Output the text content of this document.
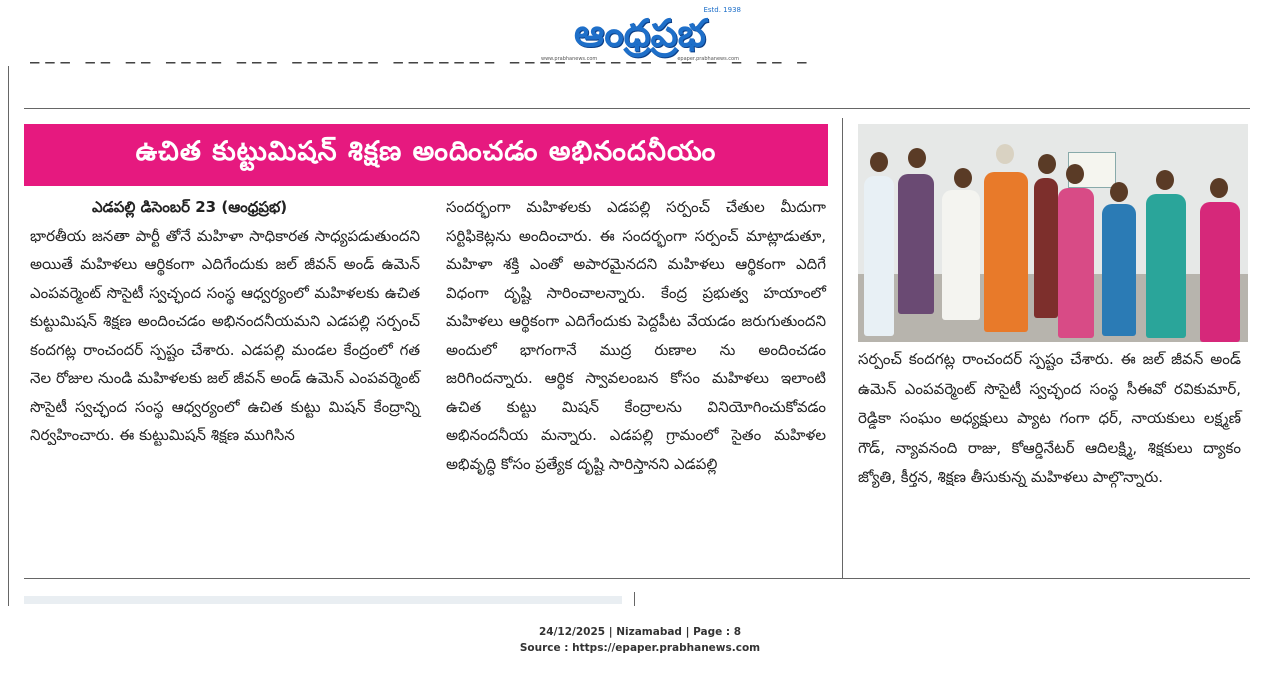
ఆంధ్రప్రభ
Estd. 1938
www.prabhanews.com	epaper.prabhanews.com
▔▔▔ ▔▔ ▔▔ ▔▔▔▔ ▔▔▔ ▔▔▔▔▔▔ ▔▔▔▔▔▔▔ ▔▔▔▔ ▔▔▔▔▔ ▔▔ ▔ ▔ ▔▔ ▔
ఉచిత కుట్టుమిషన్ శిక్షణ అందించడం అభినందనీయం

ఎడపల్లి డిసెంబర్ 23 (ఆంధ్రప్రభ)

భారతీయ జనతా పార్టీ తోనే మహిళా సాధికారత సాధ్యపడుతుందని అయితే మహిళలు ఆర్థికంగా ఎదిగేందుకు జల్ జీవన్ అండ్ ఉమెన్ ఎంపవర్మెంట్ సొసైటీ స్వచ్ఛంద సంస్థ ఆధ్వర్యంలో మహిళలకు ఉచిత కుట్టుమిషన్ శిక్షణ అందించడం అభినందనీయమని ఎడపల్లి సర్పంచ్ కందగట్ల రాంచందర్ స్పష్టం చేశారు. ఎడపల్లి మండల కేంద్రంలో గత నెల రోజుల నుండి మహిళలకు జల్ జీవన్ అండ్ ఉమెన్ ఎంపవర్మెంట్ సొసైటీ స్వచ్ఛంద సంస్థ ఆధ్వర్యంలో ఉచిత కుట్టు మిషన్ కేంద్రాన్ని నిర్వహించారు. ఈ కుట్టుమిషన్ శిక్షణ ముగిసిన

సందర్భంగా మహిళలకు ఎడపల్లి సర్పంచ్ చేతుల మీదుగా సర్టిఫికెట్లను అందించారు. ఈ సందర్భంగా సర్పంచ్ మాట్లాడుతూ, మహిళా శక్తి ఎంతో అపారమైనదని మహిళలు ఆర్థికంగా ఎదిగే విధంగా దృష్టి సారించాలన్నారు. కేంద్ర ప్రభుత్వ హయాంలో మహిళలు ఆర్థికంగా ఎదిగేందుకు పెద్దపీట వేయడం జరుగుతుందని అందులో భాగంగానే ముద్ర రుణాల ను అందించడం జరిగిందన్నారు. ఆర్థిక స్వావలంబన కోసం మహిళలు ఇలాంటి ఉచిత కుట్టు మిషన్ కేంద్రాలను వినియోగించుకోవడం అభినందనీయ మన్నారు. ఎడపల్లి గ్రామంలో సైతం మహిళల అభివృద్ధి కోసం ప్రత్యేక దృష్టి సారిస్తానని ఎడపల్లి

సర్పంచ్ కందగట్ల రాంచందర్ స్పష్టం చేశారు. ఈ జల్ జీవన్ అండ్ ఉమెన్ ఎంపవర్మెంట్ సొసైటీ స్వచ్ఛంద సంస్థ సీఈవో రవికుమార్, రెడ్డికా సంఘం అధ్యక్షులు ప్యాట గంగా ధర్, నాయకులు లక్ష్మణ్ గౌడ్, న్యావనంది రాజు, కోఆర్డినేటర్ ఆదిలక్ష్మి, శిక్షకులు ద్యాకం జ్యోతి, కీర్తన, శిక్షణ తీసుకున్న మహిళలు పాల్గొన్నారు.

24/12/2025 | Nizamabad | Page : 8
Source : https://epaper.prabhanews.com
